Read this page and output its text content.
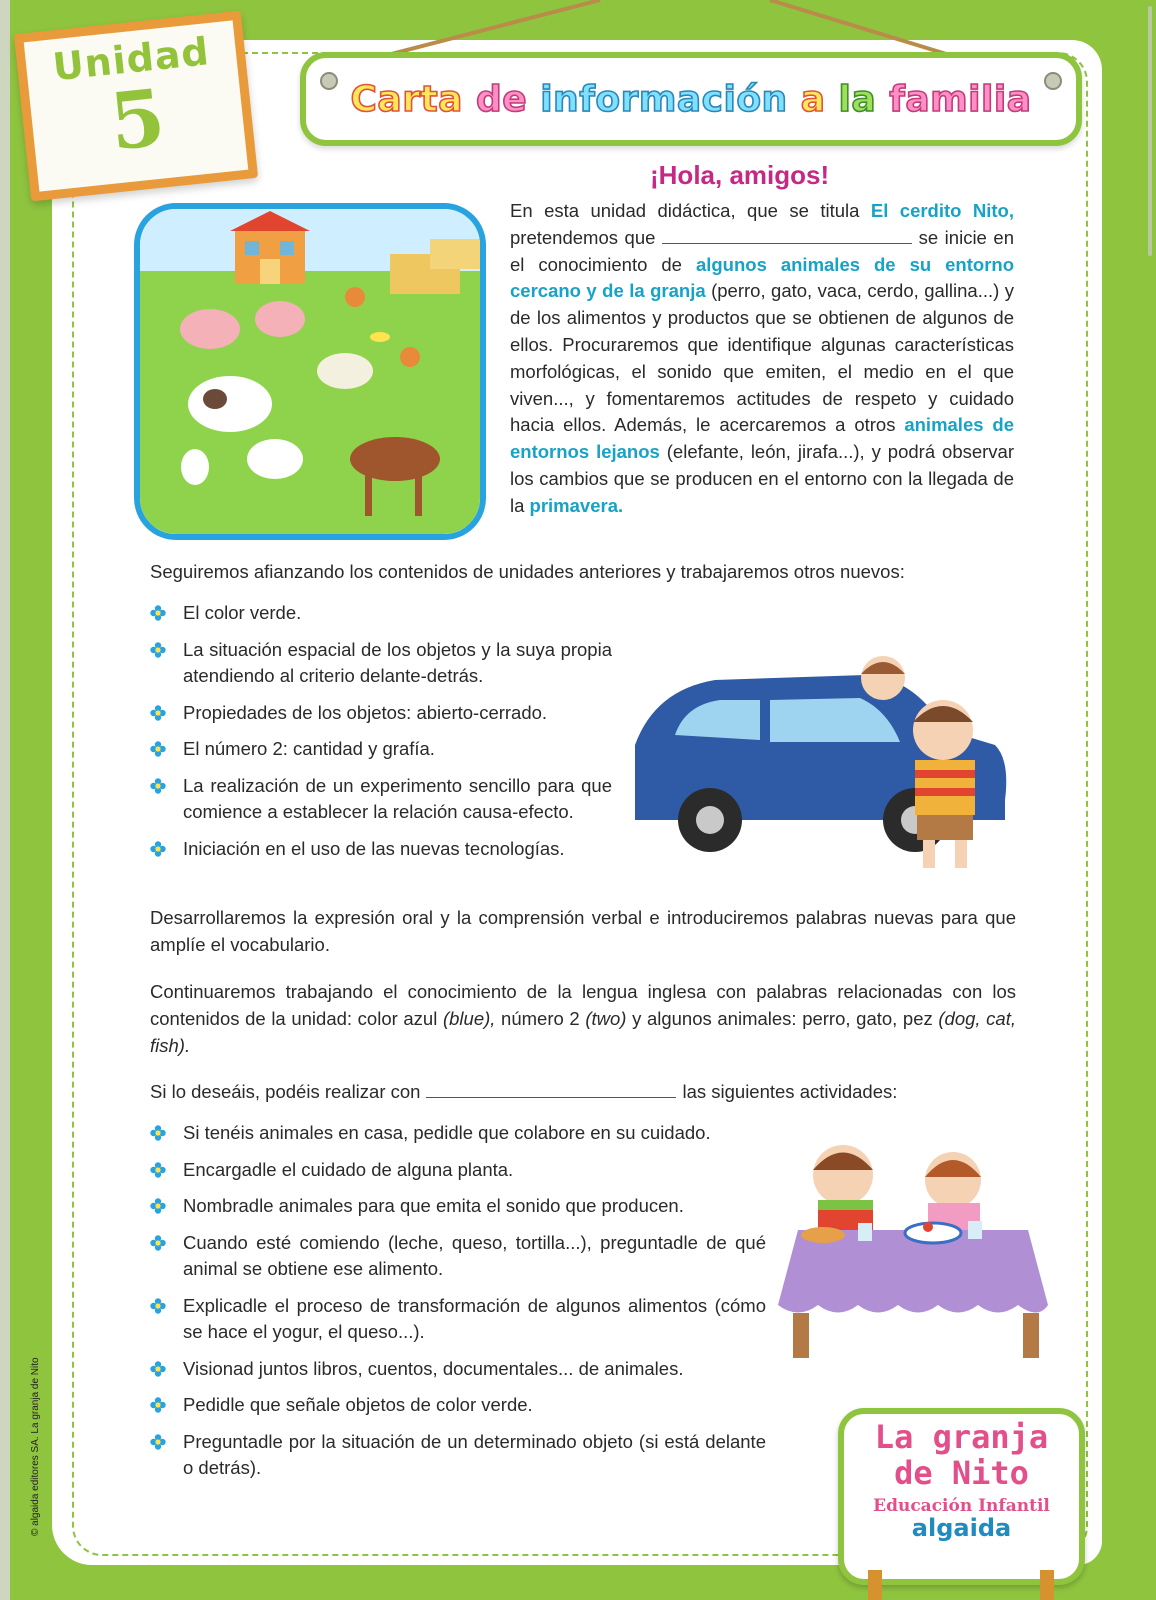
Unidad
5	Carta de información a la familia
¡Hola, amigos!
En esta unidad didáctica, que se titula El cerdito Nito, pretendemos que	se inicie en el conocimiento de algunos animales de su entorno cercano y de la granja (perro, gato, vaca, cerdo, gallina...) y de los alimentos y productos que se obtienen de algunos de ellos. Procuraremos que identifique algunas características morfológicas, el sonido que emiten, el medio en el que viven..., y fomentaremos actitudes de respeto y cuidado hacia ellos. Además, le acercaremos a otros animales de entornos lejanos (elefante, león, jirafa...), y podrá observar los cambios que se producen en el entorno con la llegada de la primavera.
Seguiremos afianzando los contenidos de unidades anteriores y trabajaremos otros nuevos:
El color verde.
La situación espacial de los objetos y la suya propia atendiendo al criterio delante-detrás.
Propiedades de los objetos: abierto-cerrado.
El número 2: cantidad y grafía.
La realización de un experimento sencillo para que comience a establecer la relación causa-efecto.
Iniciación en el uso de las nuevas tecnologías.
Desarrollaremos la expresión oral y la comprensión verbal e introduciremos palabras nuevas para que amplíe el vocabulario.
Continuaremos trabajando el conocimiento de la lengua inglesa con palabras relacionadas con los contenidos de la unidad: color azul (blue), número 2 (two) y algunos animales: perro, gato, pez (dog, cat, fish).
Si lo deseáis, podéis realizar con	las siguientes actividades:
Si tenéis animales en casa, pedidle que colabore en su cuidado.
Encargadle el cuidado de alguna planta.
Nombradle animales para que emita el sonido que producen.
Cuando esté comiendo (leche, queso, tortilla...), preguntadle de qué animal se obtiene ese alimento.
Explicadle el proceso de transformación de algunos alimentos (cómo se hace el yogur, el queso...).
Visionad juntos libros, cuentos, documentales... de animales.
Pedidle que señale objetos de color verde.
Preguntadle por la situación de un determinado objeto (si está delante o detrás).
La granja
de Nito
Educación Infantil
algaida
© algaida editores SA. La granja de Nito
